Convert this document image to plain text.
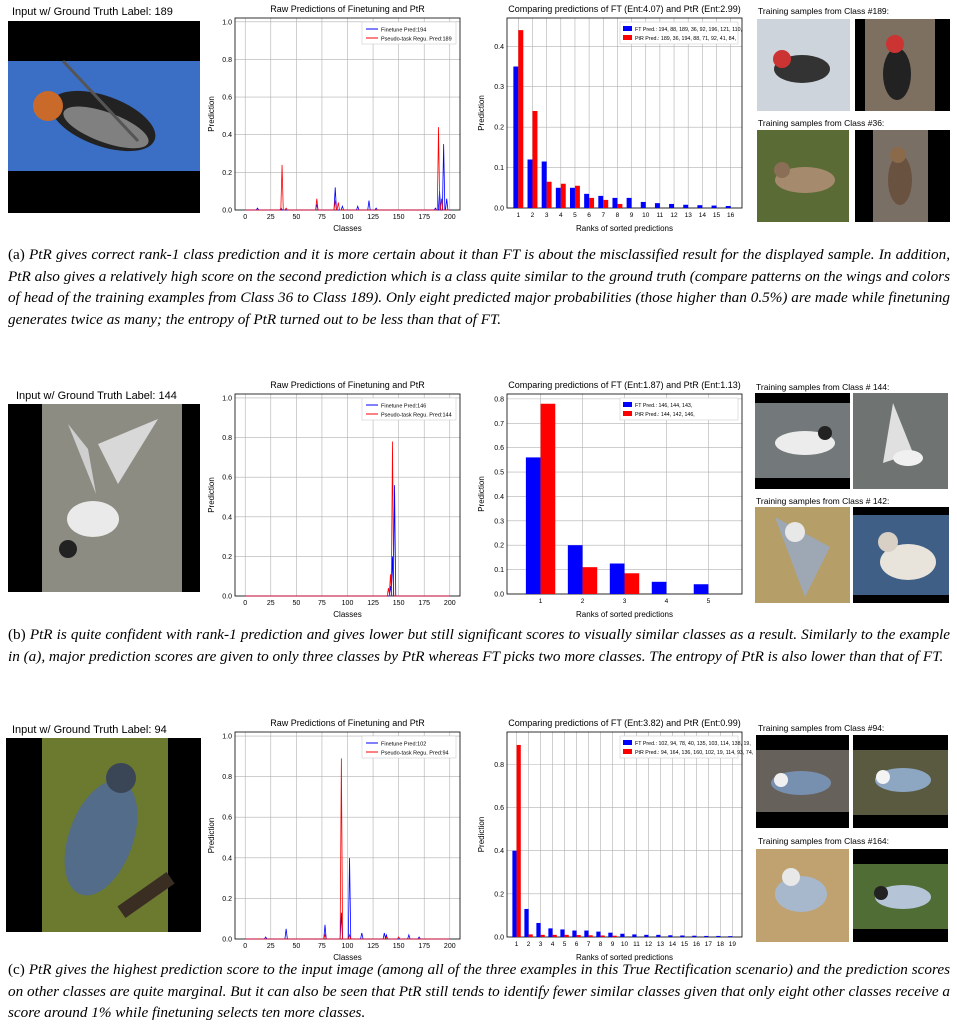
Input w/ Ground Truth Label: 189	Raw Predictions of Finetuning and PtR
Classes
Prediction
0	25	50	75 100 125 150 175 200
0.0
0.2
0.4
0.6
0.8
1.0
Finetune Pred:194
Pseudo-task Regu. Pred:189
Comparing predictions of FT (Ent:4.07) and PtR (Ent:2.99)
Ranks of sorted predictions
Prediction
1 2 3 4 5 6 7 8 9 10 11 12 13 14 15 16
0.0
0.1
0.2
0.3
0.4
FT Pred.: 194, 88, 189, 36, 92, 196, 121, 110,
PtR Pred.: 189, 36, 194, 88, 71, 92, 41, 84,
Training samples from Class #189:
Training samples from Class #36:
(a) PtR gives correct rank-1 class prediction and it is more certain about it than FT is about the misclassified result for the displayed sample. In addition, PtR also gives a relatively high score on the second prediction which is a class quite similar to the ground truth (compare patterns on the wings and colors of head of the training examples from Class 36 to Class 189). Only eight predicted major probabilities (those higher than 0.5%) are made while finetuning generates twice as many; the entropy of PtR turned out to be less than that of FT.
Input w/ Ground Truth Label: 144
Raw Predictions of Finetuning and PtR
Classes
Prediction
0	25	50	75 100 125 150 175 200
0.0
0.2
0.4
0.6
0.8
1.0
Finetune Pred:146
Pseudo-task Regu. Pred:144
Comparing predictions of FT (Ent:1.87) and PtR (Ent:1.13)
Ranks of sorted predictions
Prediction
1	2	3	4	5
0.0
0.1
0.2
0.3
0.4
0.5
0.6
0.7
0.8
FT Pred.: 146, 144, 143,
PtR Pred.: 144, 142, 146,
Training samples from Class # 144:
Training samples from Class # 142:
(b) PtR is quite confident with rank-1 prediction and gives lower but still significant scores to visually similar classes as a result. Similarly to the example in (a), major prediction scores are given to only three classes by PtR whereas FT picks two more classes. The entropy of PtR is also lower than that of FT.
Input w/ Ground Truth Label: 94
Raw Predictions of Finetuning and PtR
Classes
Prediction
0	25	50	75 100 125 150 175 200
0.0
0.2
0.4
0.6
0.8
1.0
Finetune Pred:102
Pseudo-task Regu. Pred:94
Comparing predictions of FT (Ent:3.82) and PtR (Ent:0.99)
Ranks of sorted predictions
Prediction
1 2 3 4 5 6 7 8 9 10 11 12 13 14 15 16 17 18 19
0.0
0.2
0.4
0.6
0.8
FT Pred.: 102, 94, 78, 40, 135, 103, 114, 138, 19,
PtR Pred.: 94, 164, 136, 160, 102, 19, 114, 93, 74,
Training samples from Class #94:
Training samples from Class #164:
(c) PtR gives the highest prediction score to the input image (among all of the three examples in this True Rectification scenario) and the prediction scores on other classes are quite marginal. But it can also be seen that PtR still tends to identify fewer similar classes given that only eight other classes receive a score around 1% while finetuning selects ten more classes.
